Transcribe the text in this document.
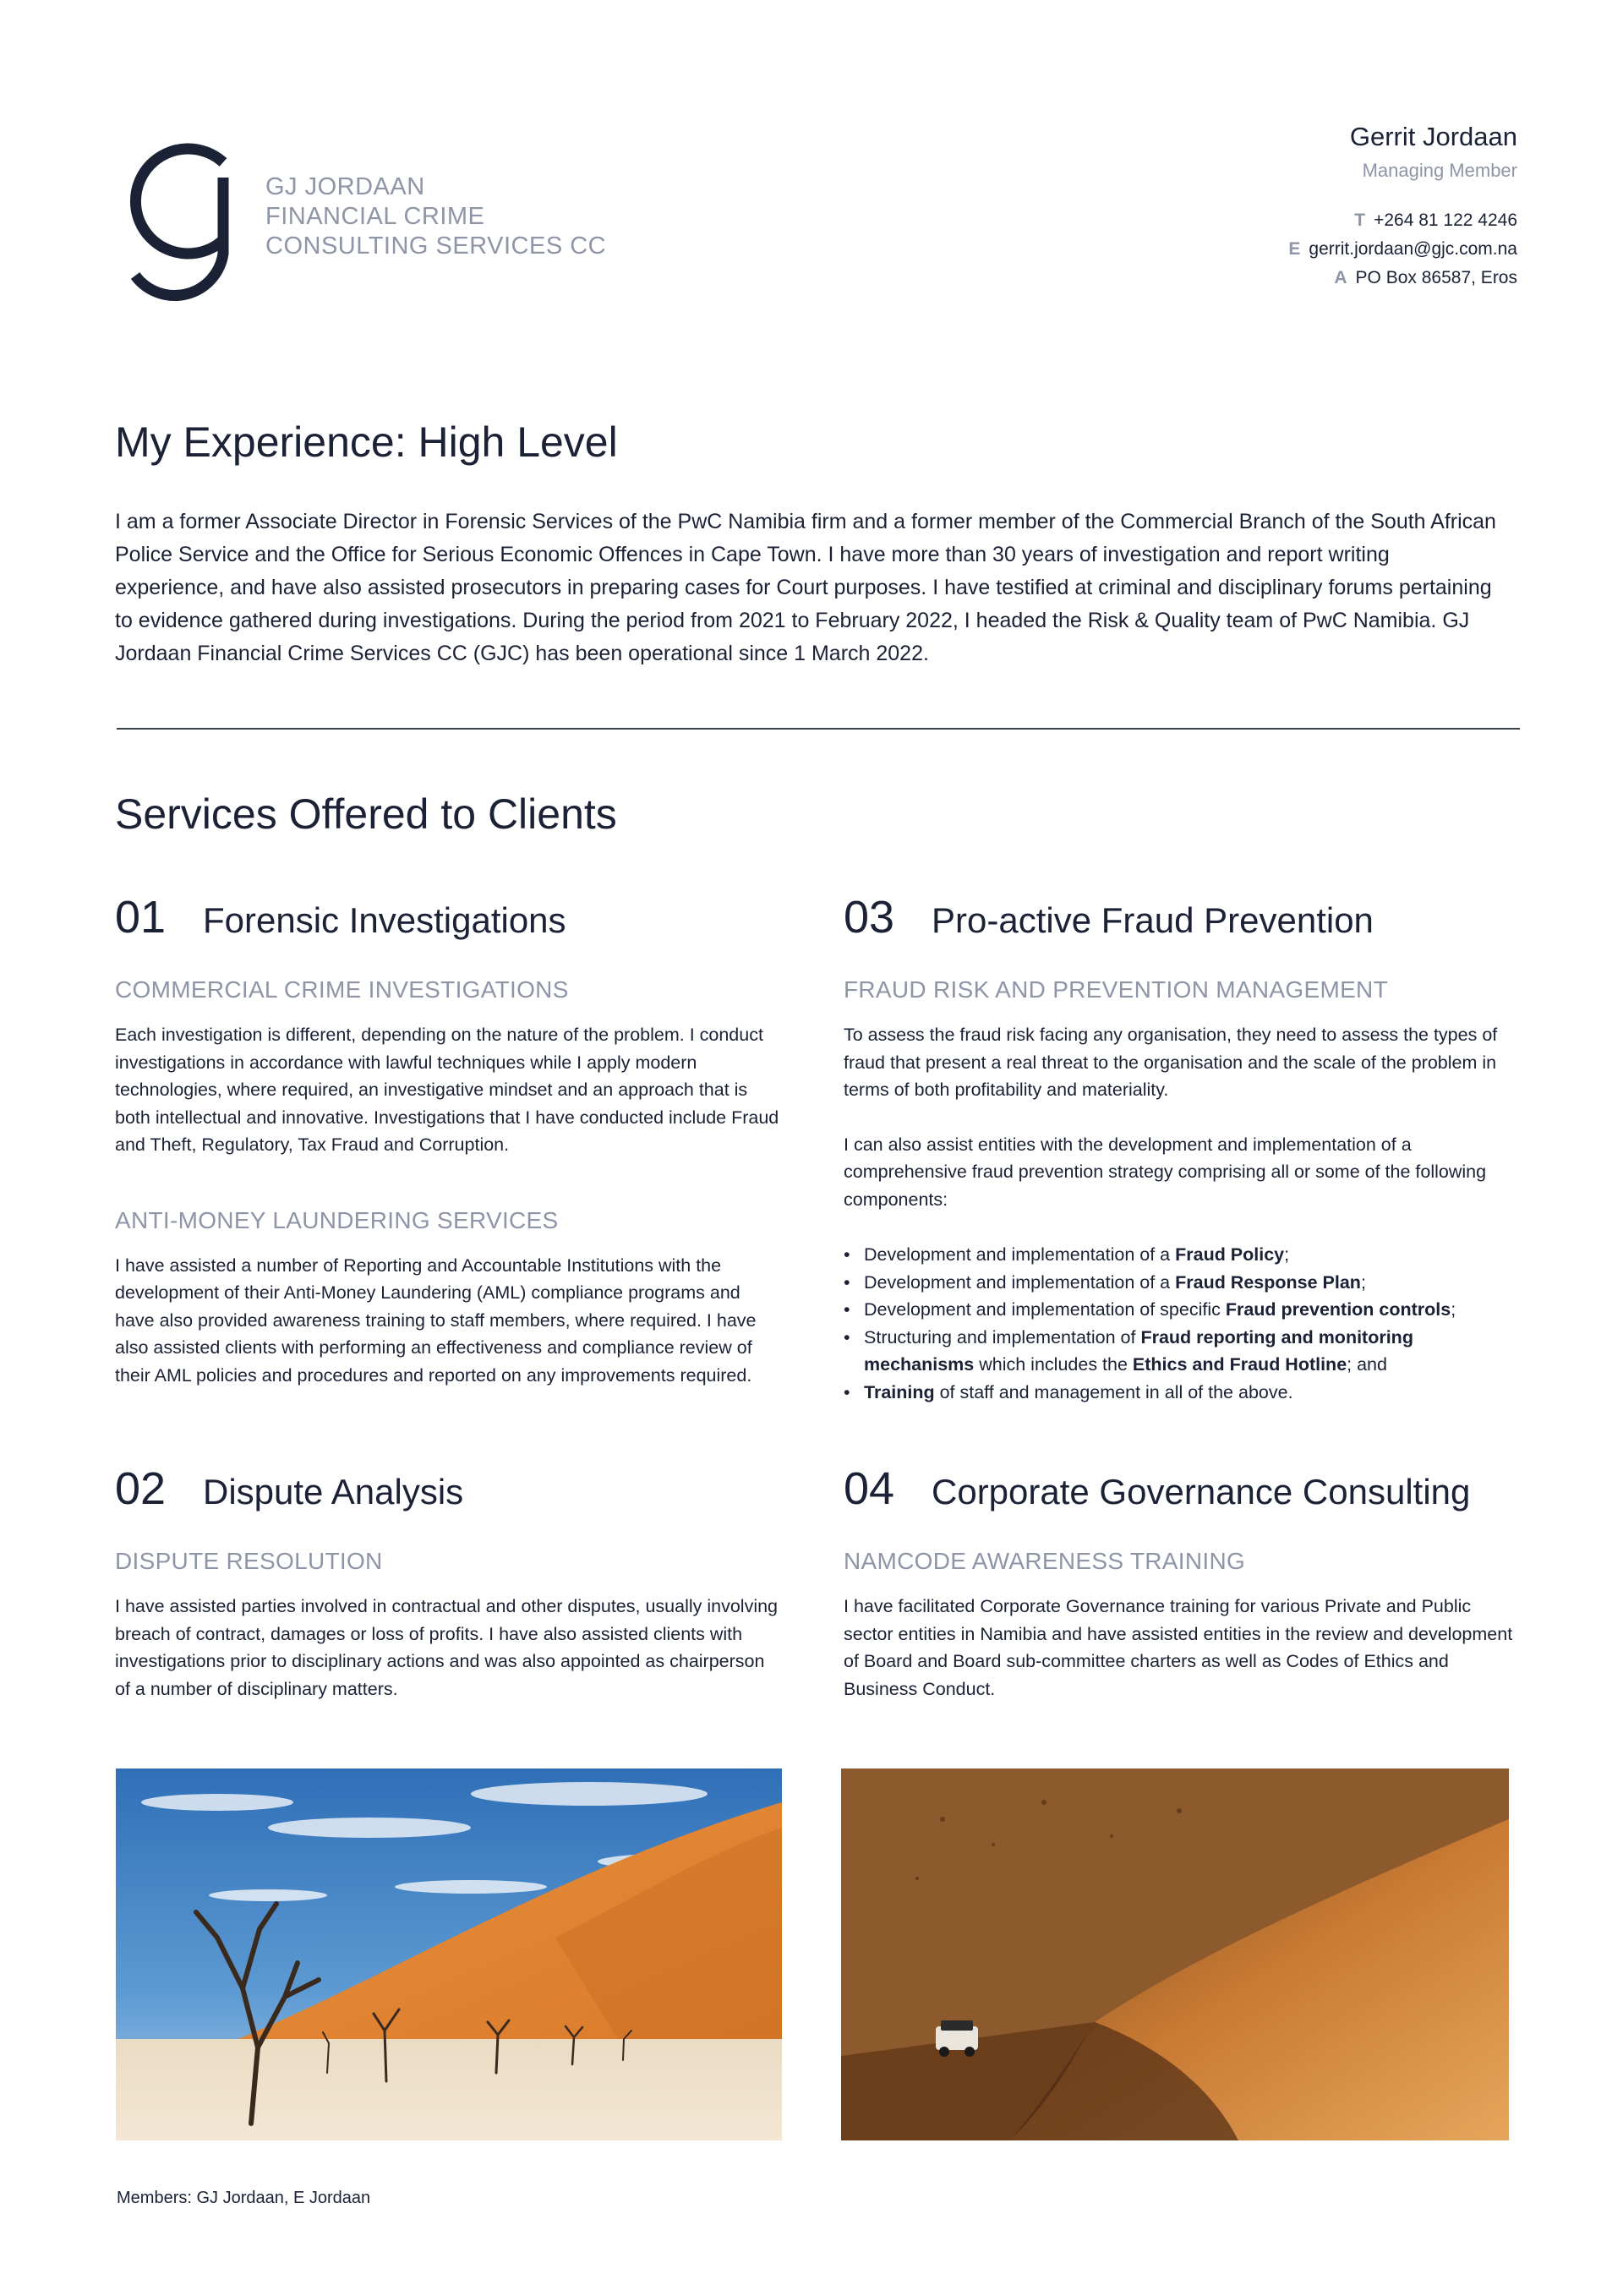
GJ JORDAAN
FINANCIAL CRIME
CONSULTING SERVICES CC
Gerrit Jordaan
Managing Member
T +264 81 122 4246
E gerrit.jordaan@gjc.com.na
A PO Box 86587, Eros
My Experience: High Level

I am a former Associate Director in Forensic Services of the PwC Namibia firm and a former member of the Commercial Branch of the South African Police Service and the Office for Serious Economic Offences in Cape Town. I have more than 30 years of investigation and report writing experience, and have also assisted prosecutors in preparing cases for Court purposes. I have testified at criminal and disciplinary forums pertaining to evidence gathered during investigations. During the period from 2021 to February 2022, I headed the Risk & Quality team of PwC Namibia. GJ Jordaan Financial Crime Services CC (GJC) has been operational since 1 March 2022.

Services Offered to Clients
01	Forensic Investigations
COMMERCIAL CRIME INVESTIGATIONS

Each investigation is different, depending on the nature of the problem. I conduct investigations in accordance with lawful techniques while I apply modern technologies, where required, an investigative mindset and an approach that is both intellectual and innovative. Investigations that I have conducted include Fraud and Theft, Regulatory, Tax Fraud and Corruption.

ANTI-MONEY LAUNDERING SERVICES

I have assisted a number of Reporting and Accountable Institutions with the development of their Anti-Money Laundering (AML) compliance programs and have also provided awareness training to staff members, where required. I have also assisted clients with performing an effectiveness and compliance review of their AML policies and procedures and reported on any improvements required.

03	Pro-active Fraud Prevention
FRAUD RISK AND PREVENTION MANAGEMENT

To assess the fraud risk facing any organisation, they need to assess the types of fraud that present a real threat to the organisation and the scale of the problem in terms of both profitability and materiality.

I can also assist entities with the development and implementation of a comprehensive fraud prevention strategy comprising all or some of the following components:

• Development and implementation of a Fraud Policy;
• Development and implementation of a Fraud Response Plan;
• Development and implementation of specific Fraud prevention controls;
• Structuring and implementation of Fraud reporting and monitoring mechanisms which includes the Ethics and Fraud Hotline; and
• Training of staff and management in all of the above.
02	Dispute Analysis
DISPUTE RESOLUTION

I have assisted parties involved in contractual and other disputes, usually involving breach of contract, damages or loss of profits. I have also assisted clients with investigations prior to disciplinary actions and was also appointed as chairperson of a number of disciplinary matters.

04	Corporate Governance Consulting
NAMCODE AWARENESS TRAINING

I have facilitated Corporate Governance training for various Private and Public sector entities in Namibia and have assisted entities in the review and development of Board and Board sub-committee charters as well as Codes of Ethics and Business Conduct.

Members: GJ Jordaan, E Jordaan
